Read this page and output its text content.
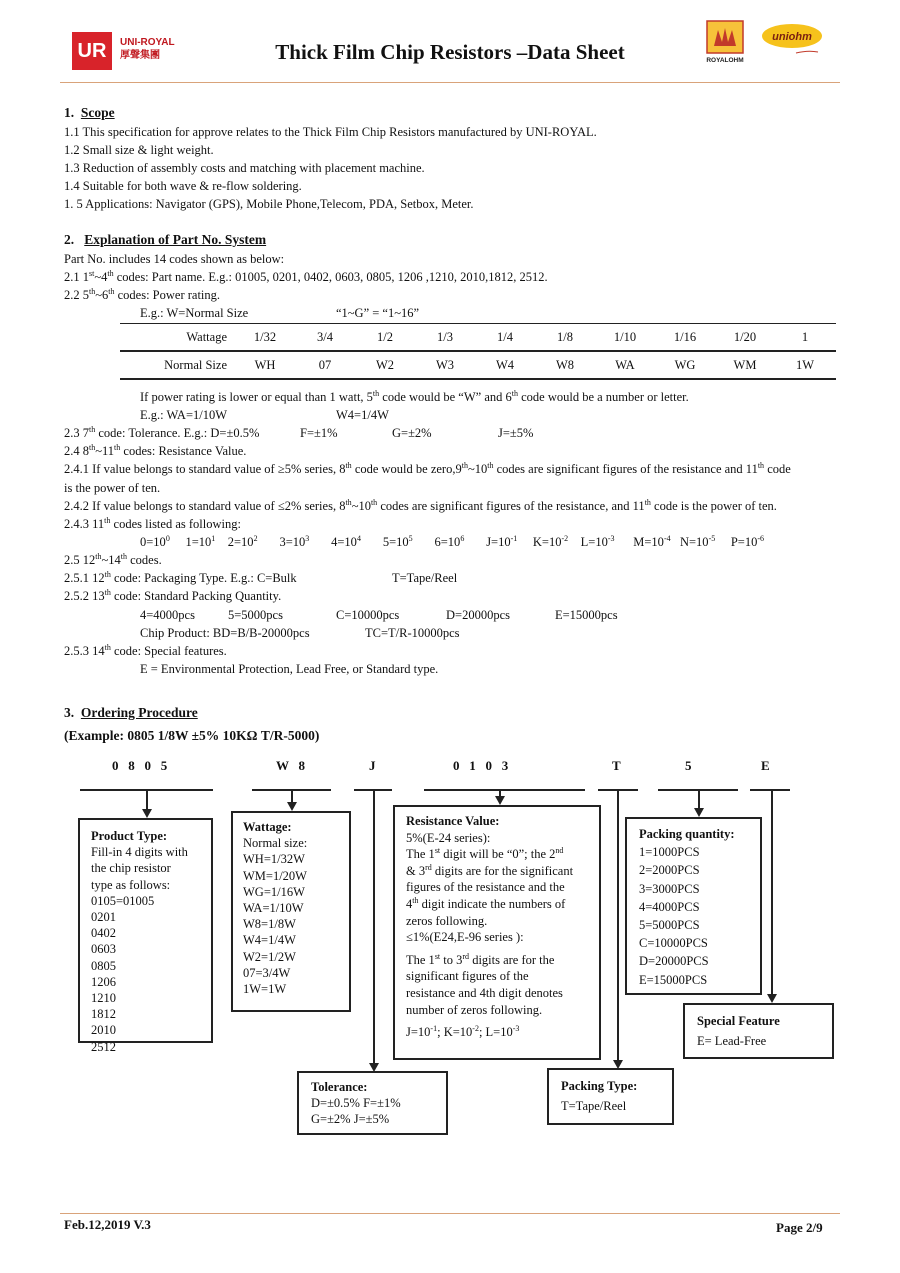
UR UNI-ROYAL
厚聲集團	Thick Film Chip Resistors –Data Sheet	ROYALOHM
uniohm
1. Scope
1.1 This specification for approve relates to the Thick Film Chip Resistors manufactured by UNI-ROYAL.
1.2 Small size & light weight.
1.3 Reduction of assembly costs and matching with placement machine.
1.4 Suitable for both wave & re-flow soldering.
1. 5 Applications: Navigator (GPS), Mobile Phone,Telecom, PDA, Setbox, Meter.
2. Explanation of Part No. System
Part No. includes 14 codes shown as below:
2.1 1st~4th codes: Part name. E.g.: 01005, 0201, 0402, 0603, 0805, 1206 ,1210, 2010,1812, 2512.
2.2 5th~6th codes: Power rating.
E.g.: W=Normal Size	“1~G” = “1~16”
Wattage	1/32	3/4	1/2	1/3	1/4	1/8	1/10	1/16	1/20	1
Normal Size	WH	07	W2	W3	W4	W8	WA	WG	WM	1W
If power rating is lower or equal than 1 watt, 5th code would be “W” and 6th code would be a number or letter.
E.g.: WA=1/10W	W4=1/4W
2.3 7th code: Tolerance. E.g.: D=±0.5%	F=±1%	G=±2%	J=±5%
2.4 8th~11th codes: Resistance Value.
2.4.1 If value belongs to standard value of ≥5% series, 8th code would be zero,9th~10th codes are significant figures of the resistance and 11th code
is the power of ten.
2.4.2 If value belongs to standard value of ≤2% series, 8th~10th codes are significant figures of the resistance, and 11th code is the power of ten.
2.4.3 11th codes listed as following:
$0=10^0$ $1=10^1$ $2=10^2$ $3=10^3$ $4=10^4$ $5=10^5$ $6=10^6$ $J=10^{-1}$ $K=10^{-2}$ $L=10^{-3}$ $M=10^{-4}$ $N=10^{-5}$ $P=10^{-6}$
2.5 12th~14th codes.
2.5.1 12th code: Packaging Type. E.g.: C=Bulk	T=Tape/Reel
2.5.2 13th code: Standard Packing Quantity.
4=4000pcs	5=5000pcs	C=10000pcs	D=20000pcs	E=15000pcs
Chip Product: BD=B/B-20000pcs	TC=T/R-10000pcs
2.5.3 14th code: Special features.
E = Environmental Protection, Lead Free, or Standard type.
3. Ordering Procedure
(Example: 0805 1/8W ±5% 10KΩ T/R-5000)
0   8   0   5	W   8	J	0   1   0   3	T	5	E
Product Type:
Fill-in 4 digits with
the chip resistor
type as follows:
0105=01005
0201
0402
0603
0805
1206
1210
1812
2010
2512
Wattage:
Normal size:
WH=1/32W
WM=1/20W
WG=1/16W
WA=1/10W
W8=1/8W
W4=1/4W
W2=1/2W
07=3/4W
1W=1W
Resistance Value:
5%(E-24 series):
The 1st digit will be “0”; the 2nd
& 3rd digits are for the significant
figures of the resistance and the
4th digit indicate the numbers of
zeros following.
≤1%(E24,E-96 series ):
The 1st to 3rd digits are for the
significant figures of the
resistance and 4th digit denotes
number of zeros following.
$J=10^{-1}$; $K=10^{-2}$; $L=10^{-3}$
Packing quantity:
1=1000PCS
2=2000PCS
3=3000PCS
4=4000PCS
5=5000PCS
C=10000PCS
D=20000PCS
E=15000PCS
Special Feature
E= Lead-Free
Tolerance:
D=±0.5% F=±1%
G=±2% J=±5%
Packing Type:
T=Tape/Reel
Feb.12,2019 V.3	Page 2/9
